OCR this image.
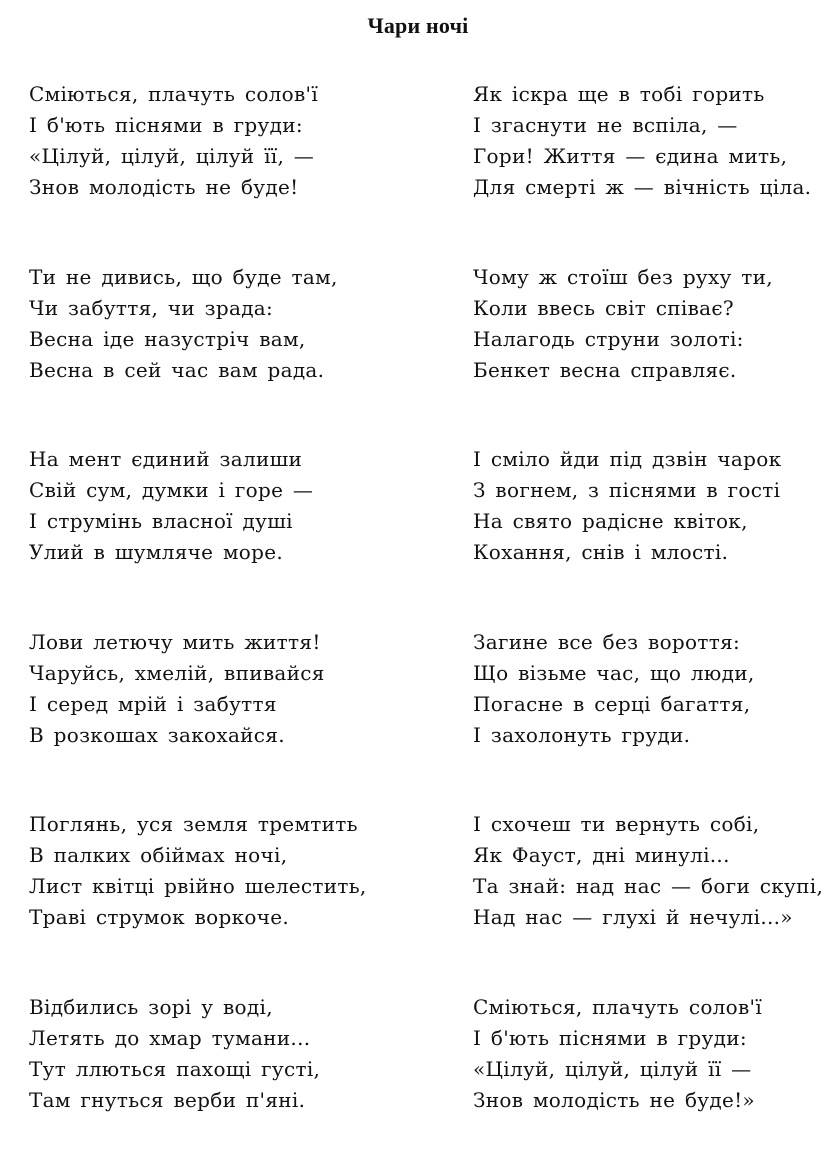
Чари ночі
Сміються, плачуть солов'ї
І б'ють піснями в груди:
«Цілуй, цілуй, цілуй її, —
Знов молодість не буде!
Ти не дивись, що буде там,
Чи забуття, чи зрада:
Весна іде назустріч вам,
Весна в сей час вам рада.
На мент єдиний залиши
Свій сум, думки і горе —
І струмінь власної душі
Улий в шумляче море.
Лови летючу мить життя!
Чаруйсь, хмелій, впивайся
І серед мрій і забуття
В розкошах закохайся.
Поглянь, уся земля тремтить
В палких обіймах ночі,
Лист квітці рвійно шелестить,
Траві струмок воркоче.
Відбились зорі у воді,
Летять до хмар тумани...
Тут ллються пахощі густі,
Там гнуться верби п'яні.
Як іскра ще в тобі горить
І згаснути не вспіла, —
Гори! Життя — єдина мить,
Для смерті ж — вічність ціла.
Чому ж стоїш без руху ти,
Коли ввесь світ співає?
Налагодь струни золоті:
Бенкет весна справляє.
І сміло йди під дзвін чарок
З вогнем, з піснями в гості
На свято радісне квіток,
Кохання, снів і млості.
Загине все без вороття:
Що візьме час, що люди,
Погасне в серці багаття,
І захолонуть груди.
І схочеш ти вернуть собі,
Як Фауст, дні минулі...
Та знай: над нас — боги скупі,
Над нас — глухі й нечулі...»
Сміються, плачуть солов'ї
І б'ють піснями в груди:
«Цілуй, цілуй, цілуй її —
Знов молодість не буде!»
